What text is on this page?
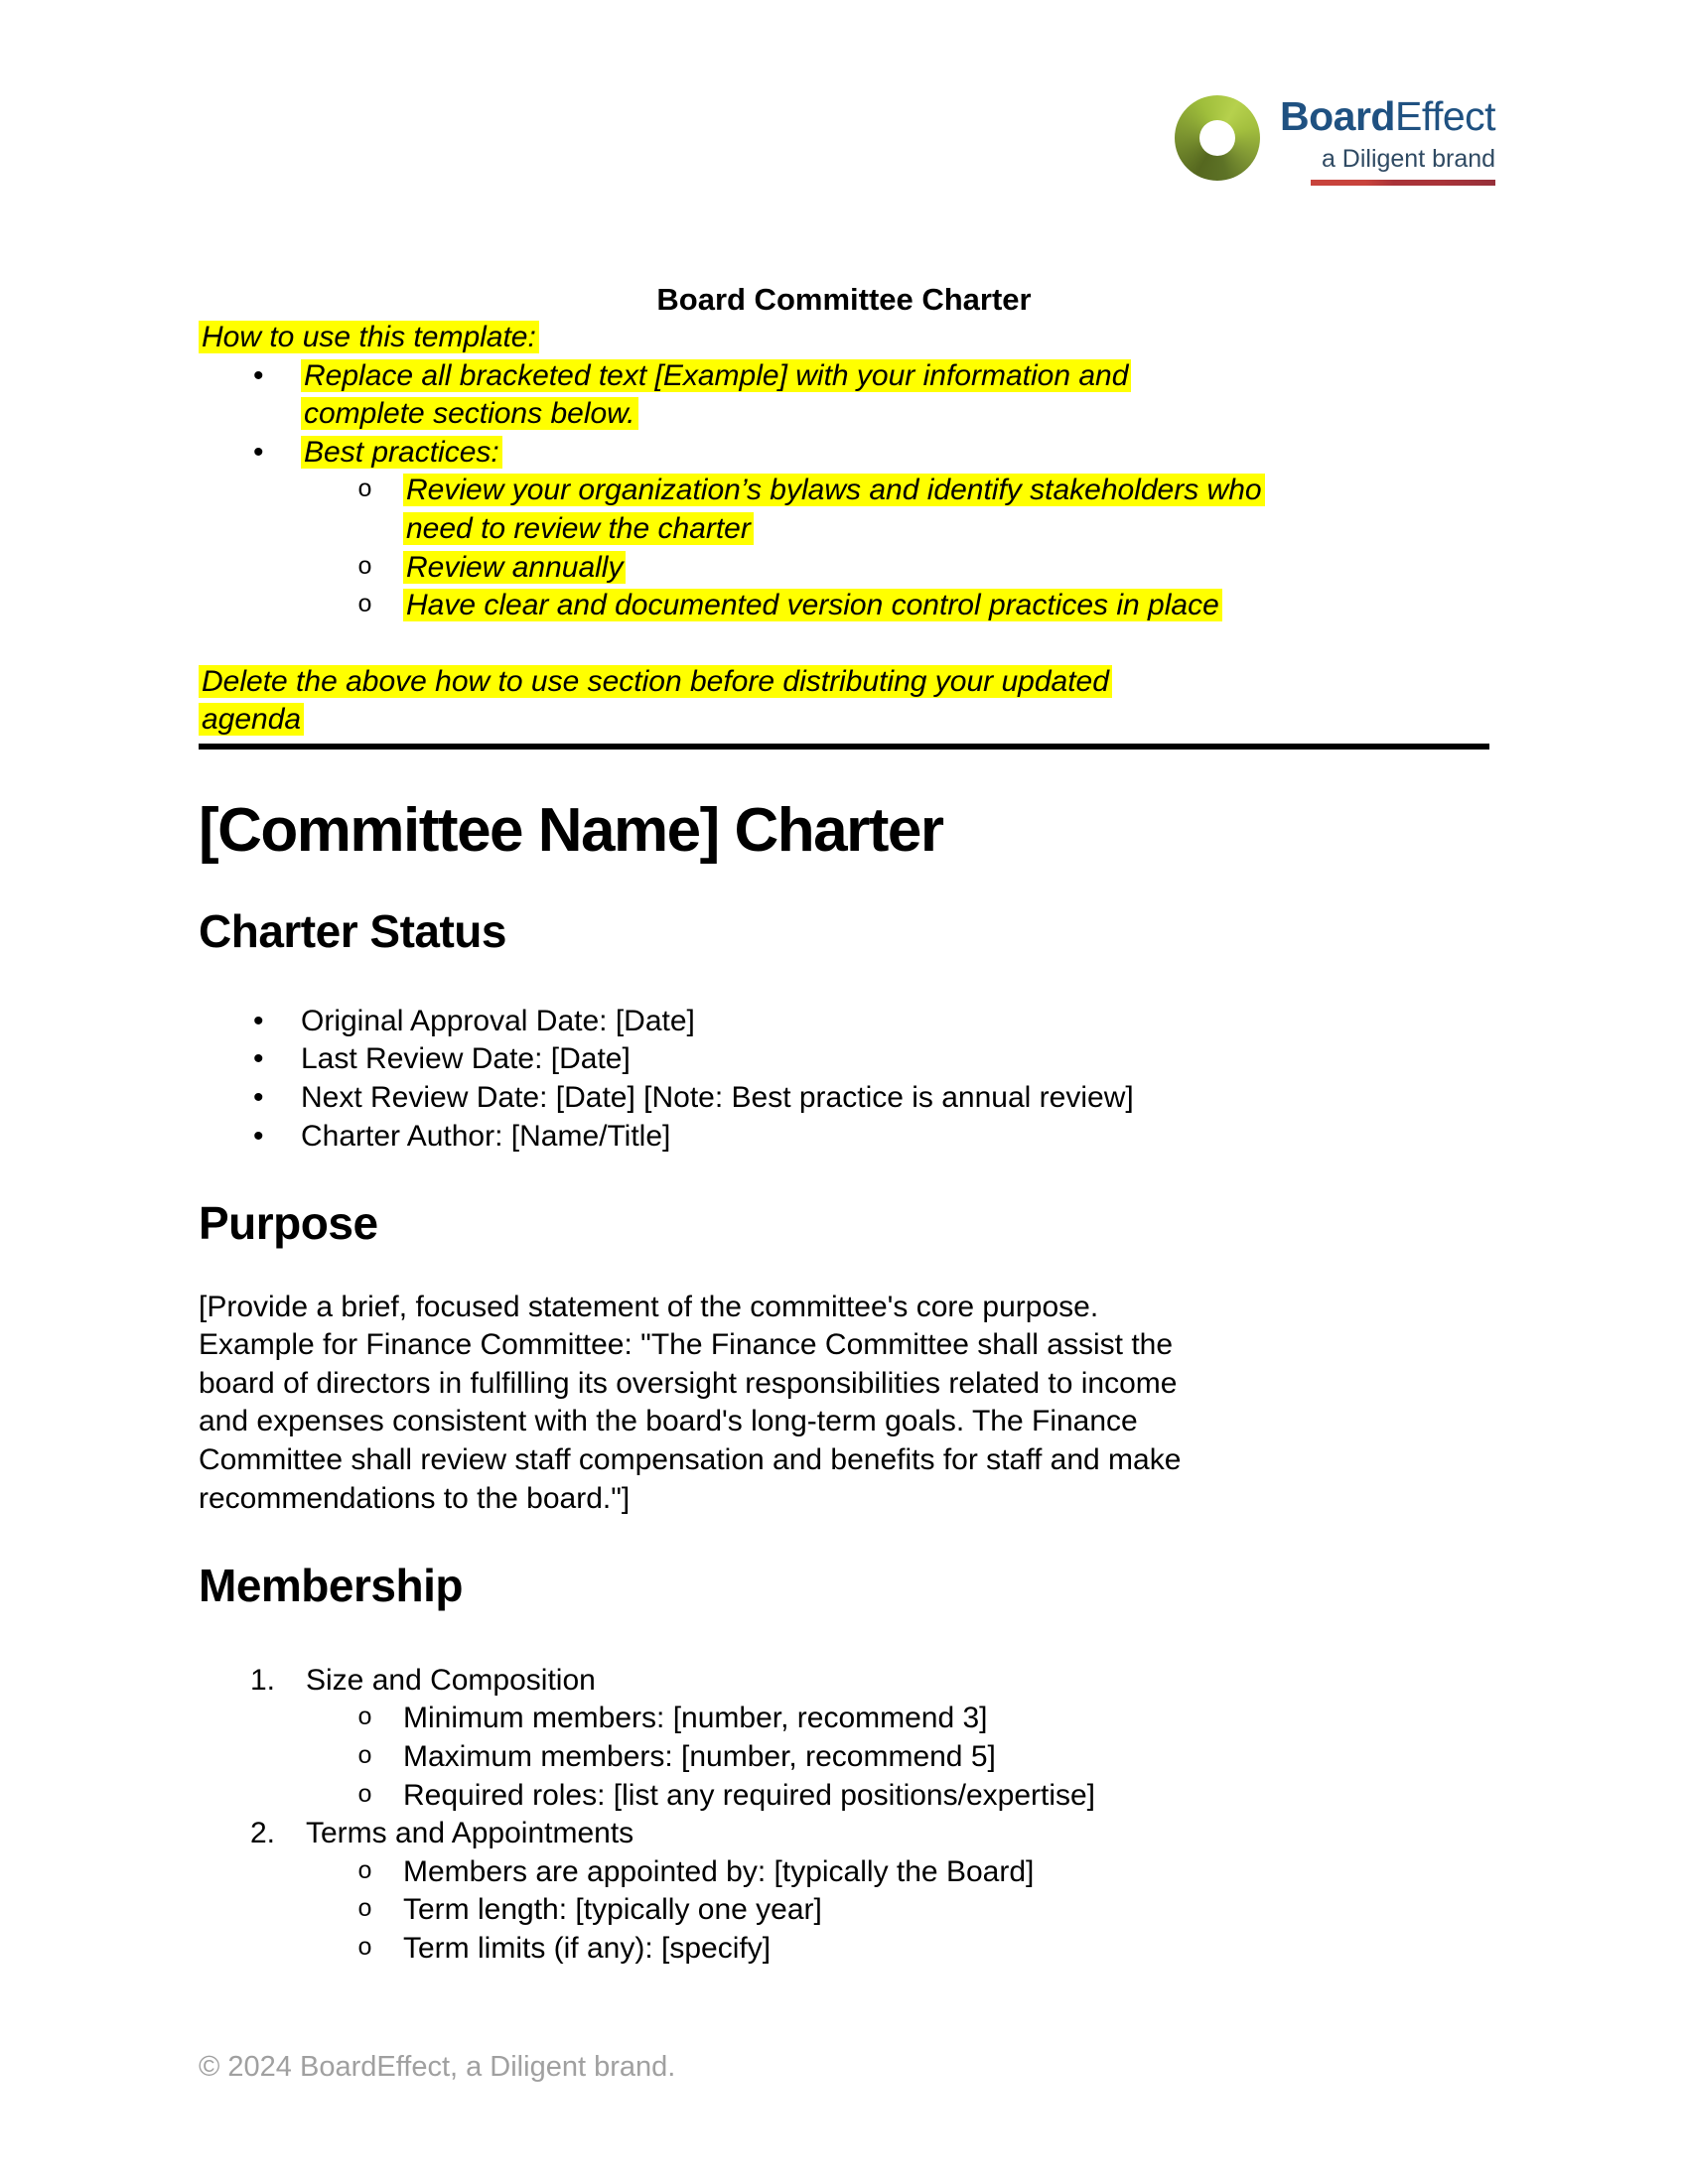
BoardEffect
a Diligent brand

Board Committee Charter

How to use this template:
• Replace all bracketed text [Example] with your information and
complete sections below.
• Best practices:
o Review your organization’s bylaws and identify stakeholders who
need to review the charter
o Review annually
o Have clear and documented version control practices in place
Delete the above how to use section before distributing your updated
agenda
[Committee Name] Charter
Charter Status
• Original Approval Date: [Date]
• Last Review Date: [Date]
• Next Review Date: [Date] [Note: Best practice is annual review]
• Charter Author: [Name/Title]
Purpose
[Provide a brief, focused statement of the committee's core purpose.
Example for Finance Committee: "The Finance Committee shall assist the
board of directors in fulfilling its oversight responsibilities related to income
and expenses consistent with the board's long-term goals. The Finance
Committee shall review staff compensation and benefits for staff and make
recommendations to the board."]
Membership
1. Size and Composition
o Minimum members: [number, recommend 3]
o Maximum members: [number, recommend 5]
o Required roles: [list any required positions/expertise]
2. Terms and Appointments
o Members are appointed by: [typically the Board]
o Term length: [typically one year]
o Term limits (if any): [specify]
© 2024 BoardEffect, a Diligent brand.
